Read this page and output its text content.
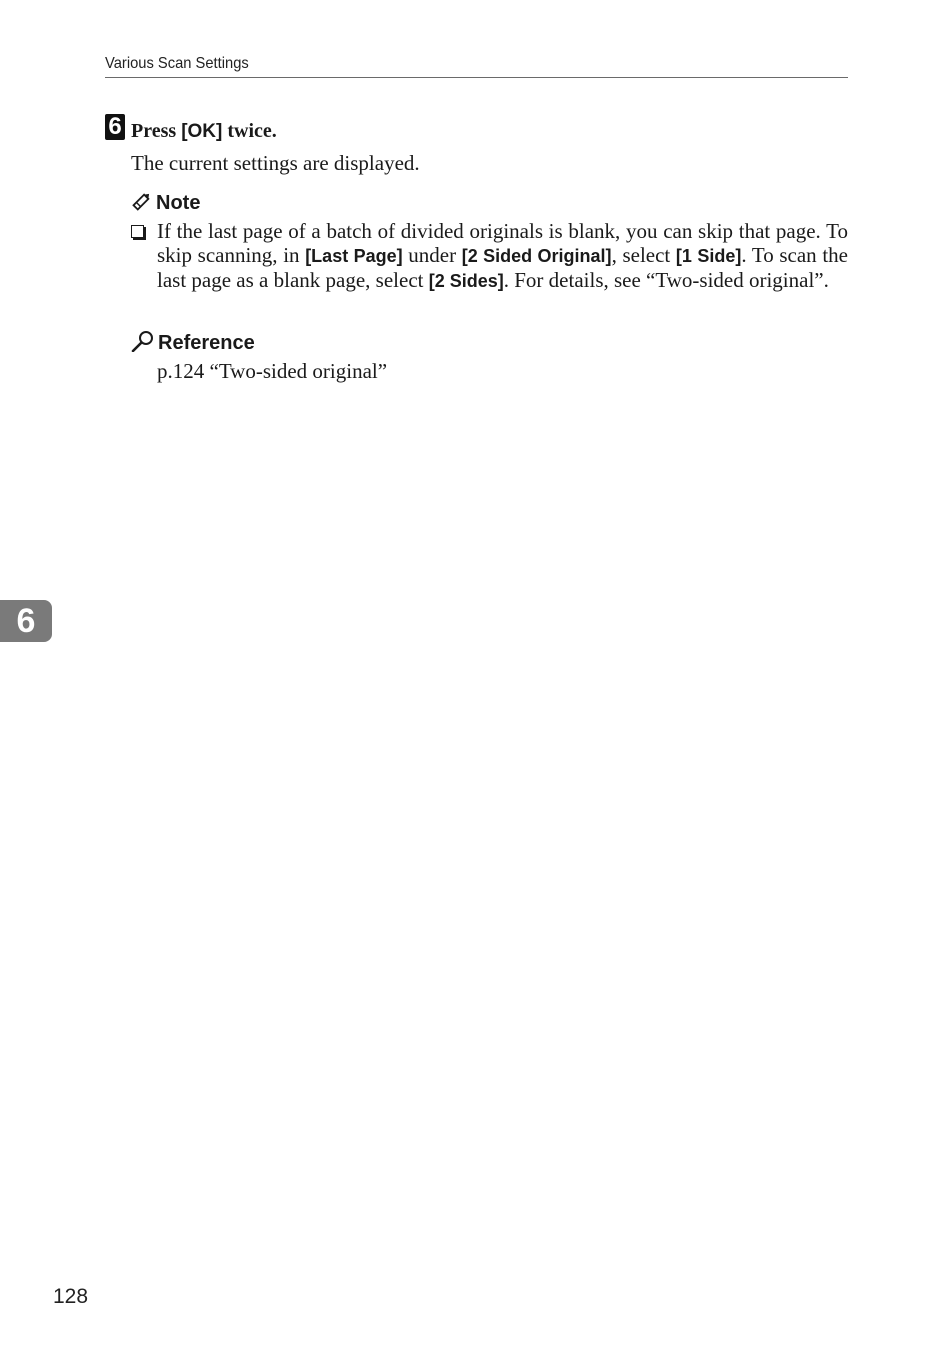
Various Scan Settings
6 Press [OK] twice.
The current settings are displayed.
Note
If the last page of a batch of divided originals is blank, you can skip that page. To skip scanning, in [Last Page] under [2 Sided Original], select [1 Side]. To scan the last page as a blank page, select [2 Sides]. For details, see “Two-sided original”.
Reference
p.124 “Two-sided original”
6
128
